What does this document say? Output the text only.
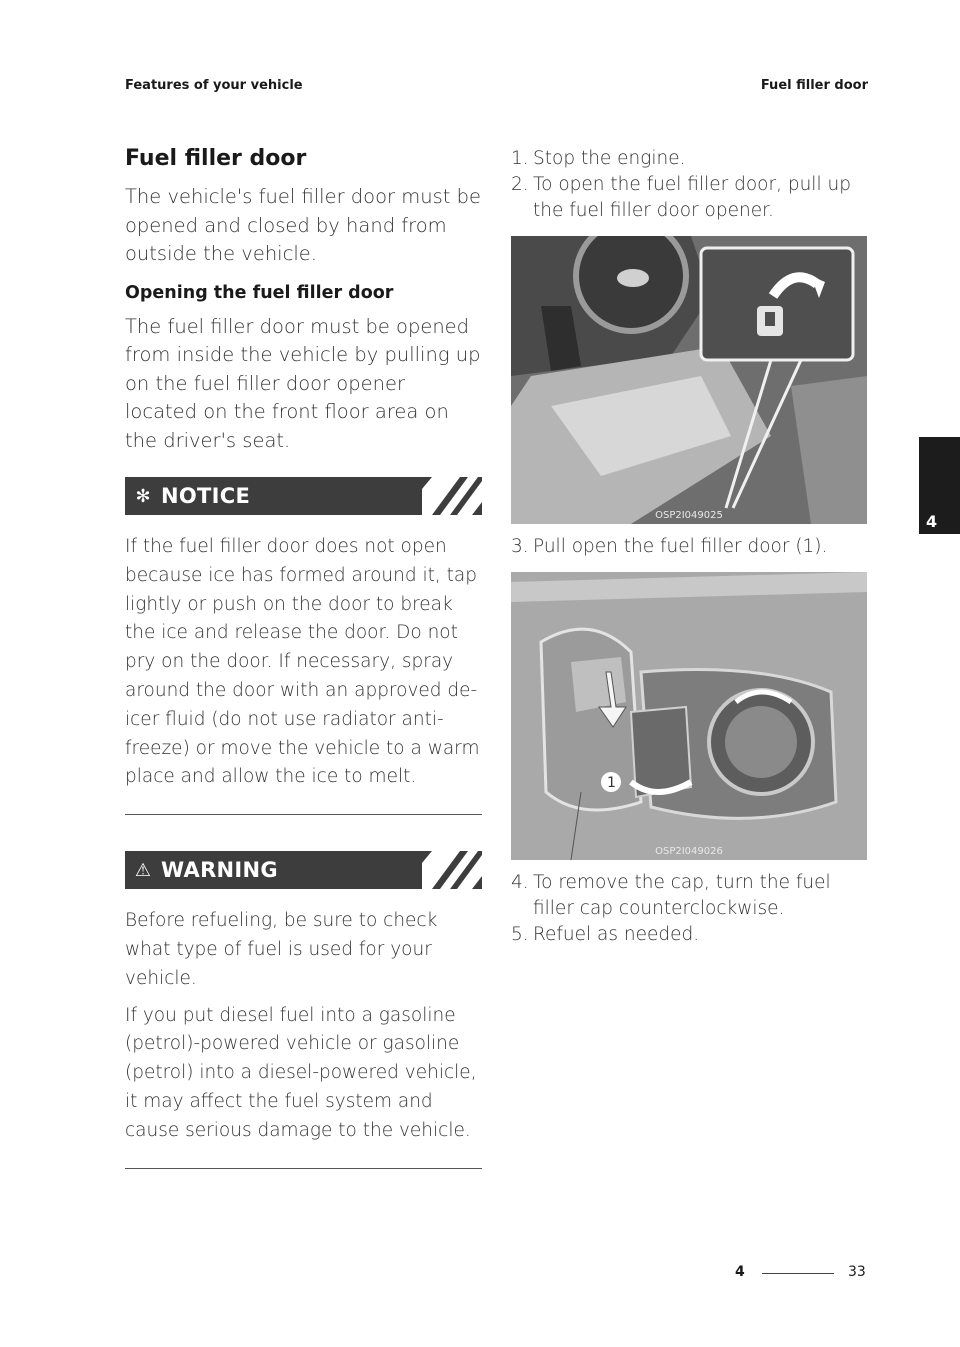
Features of your vehicle	Fuel filler door
4
Fuel filler door

The vehicle's fuel filler door must be opened and closed by hand from outside the vehicle.

Opening the fuel filler door

The fuel filler door must be opened from inside the vehicle by pulling up on the fuel filler door opener located on the front floor area on the driver's seat.

✻ NOTICE

If the fuel filler door does not open because ice has formed around it, tap lightly or push on the door to break the ice and release the door. Do not pry on the door. If necessary, spray around the door with an approved de-icer fluid (do not use radiator anti-freeze) or move the vehicle to a warm place and allow the ice to melt.

⚠ WARNING

Before refueling, be sure to check what type of fuel is used for your vehicle.

If you put diesel fuel into a gasoline (petrol)-powered vehicle or gasoline (petrol) into a diesel-powered vehicle, it may affect the fuel system and cause serious damage to the vehicle.

1. Stop the engine.
2. To open the fuel filler door, pull up the fuel filler door opener.
OSP2I049025
3. Pull open the fuel filler door (1).
1
OSP2I049026
4. To remove the cap, turn the fuel filler cap counterclockwise.
5. Refuel as needed.
4	33
